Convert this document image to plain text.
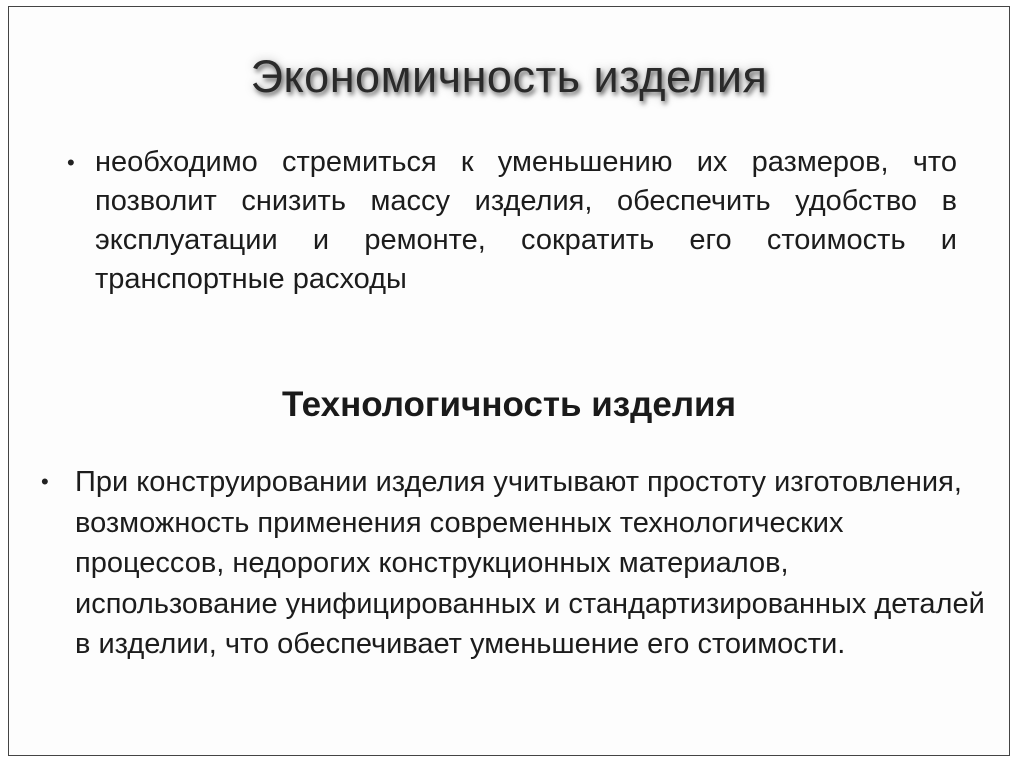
Экономичность изделия
• необходимо стремиться к уменьшению их размеров, что позволит снизить массу изделия, обеспечить удобство в эксплуатации и ремонте, сократить его стоимость и транспортные расходы
Технологичность изделия
• При конструировании изделия учитывают простоту изготовления, возможность применения современных технологических процессов, недорогих конструкционных материалов, использование унифицированных и стандартизированных деталей в изделии, что обеспечивает уменьшение его стоимости.
